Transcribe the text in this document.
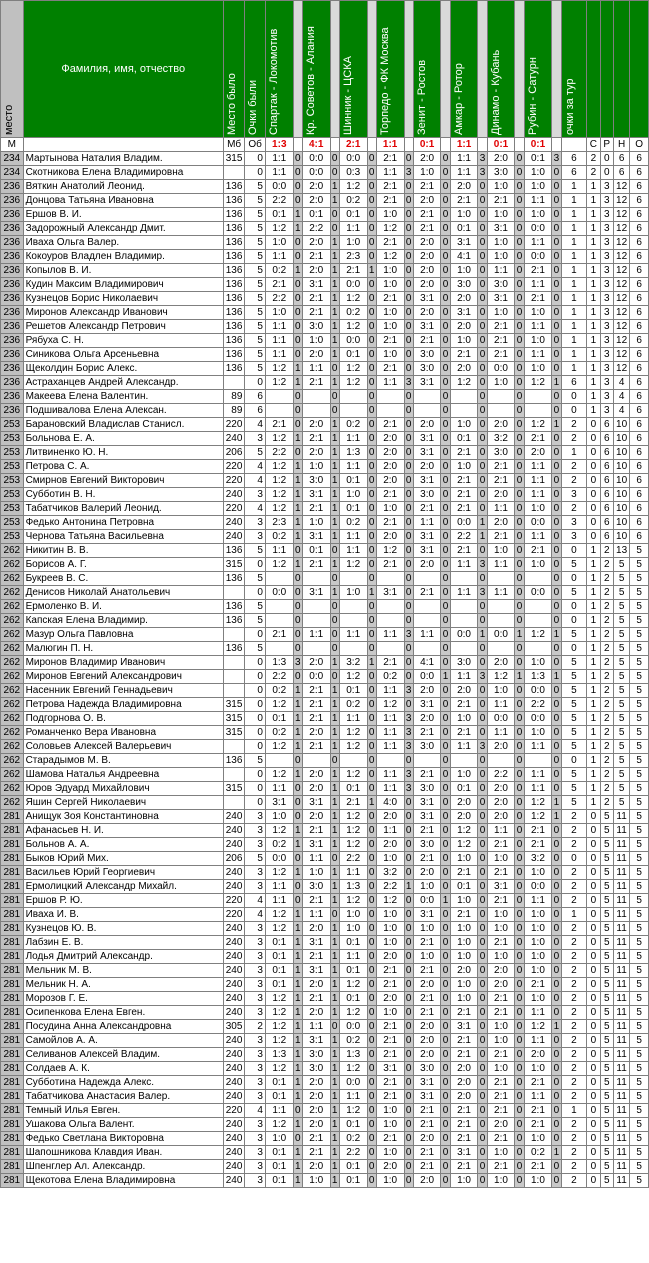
место	Фамилия, имя, отчество	Место было	Очки были	Спартак - Локомотив		Кр. Советов - Алания		Шинник - ЦСКА		Торпедо - ФК Москва		Зенит - Ростов		Амкар - Ротор		Динамо - Кубань		Рубин - Сатурн		очки за тур				

М		Мб	Об	1:3		4:1		2:1		1:1		0:1		1:1		0:1		0:1			С	Р	Н	О
234	Мартынова Наталия Владим.	315	0	1:1	0	0:0	0	0:0	0	2:1	0	2:0	0	1:1	3	2:0	0	0:1	3	6	2	0	6	6
234	Скотникова Елена Владимировна		0	1:1	0	0:0	0	0:3	0	1:1	3	1:0	0	1:1	3	3:0	0	1:0	0	6	2	0	6	6
236	Вяткин Анатолий Леонид.	136	5	0:0	0	2:0	1	1:2	0	2:1	0	2:1	0	2:0	0	1:0	0	1:0	0	1	1	3	12	6
236	Донцова Татьяна Ивановна	136	5	2:2	0	2:0	1	0:2	0	2:1	0	2:0	0	2:1	0	2:1	0	1:1	0	1	1	3	12	6
236	Ершов В. И.	136	5	0:1	1	0:1	0	0:1	0	1:0	0	2:1	0	1:0	0	1:0	0	1:0	0	1	1	3	12	6
236	Задорожный Александр Дмит.	136	5	1:2	1	2:2	0	1:1	0	1:2	0	2:1	0	0:1	0	3:1	0	0:0	0	1	1	3	12	6
236	Иваха Ольга Валер.	136	5	1:0	0	2:0	1	1:0	0	2:1	0	2:0	0	3:1	0	1:0	0	1:1	0	1	1	3	12	6
236	Кокоуров Владлен Владимир.	136	5	1:1	0	2:1	1	2:3	0	1:2	0	2:0	0	4:1	0	1:0	0	0:0	0	1	1	3	12	6
236	Копылов В. И.	136	5	0:2	1	2:0	1	2:1	1	1:0	0	2:0	0	1:0	0	1:1	0	2:1	0	1	1	3	12	6
236	Кудин Максим Владимирович	136	5	2:1	0	3:1	1	0:0	0	1:0	0	2:0	0	3:0	0	3:0	0	1:1	0	1	1	3	12	6
236	Кузнецов Борис Николаевич	136	5	2:2	0	2:1	1	1:2	0	2:1	0	3:1	0	2:0	0	3:1	0	2:1	0	1	1	3	12	6
236	Миронов Александр Иванович	136	5	1:0	0	2:1	1	0:2	0	1:0	0	2:0	0	3:1	0	1:0	0	1:0	0	1	1	3	12	6
236	Решетов Александр Петрович	136	5	1:1	0	3:0	1	1:2	0	1:0	0	3:1	0	2:0	0	2:1	0	1:1	0	1	1	3	12	6
236	Рябуха С. Н.	136	5	1:1	0	1:0	1	0:0	0	2:1	0	2:1	0	1:0	0	2:1	0	1:0	0	1	1	3	12	6
236	Синикова Ольга Арсеньевна	136	5	1:1	0	2:0	1	0:1	0	1:0	0	3:0	0	2:1	0	2:1	0	1:1	0	1	1	3	12	6
236	Щеколдин Борис Алекс.	136	5	1:2	1	1:1	0	1:2	0	2:1	0	3:0	0	2:0	0	0:0	0	1:0	0	1	1	3	12	6
236	Астраханцев Андрей Александр.		0	1:2	1	2:1	1	1:2	0	1:1	3	3:1	0	1:2	0	1:0	0	1:2	1	6	1	3	4	6
236	Макеева Елена Валентин.	89	6		0		0		0		0		0		0		0		0	0	1	3	4	6
236	Подшивалова Елена Алексан.	89	6		0		0		0		0		0		0		0		0	0	1	3	4	6
253	Барановский Владислав Станисл.	220	4	2:1	0	2:0	1	0:2	0	2:1	0	2:0	0	1:0	0	2:0	0	1:2	1	2	0	6	10	6
253	Больнова Е. А.	240	3	1:2	1	2:1	1	1:1	0	2:0	0	3:1	0	0:1	0	3:2	0	2:1	0	2	0	6	10	6
253	Литвиненко Ю. Н.	206	5	2:2	0	2:0	1	1:3	0	2:0	0	3:1	0	2:1	0	3:0	0	2:0	0	1	0	6	10	6
253	Петрова С. А.	220	4	1:2	1	1:0	1	1:1	0	2:0	0	2:0	0	1:0	0	2:1	0	1:1	0	2	0	6	10	6
253	Смирнов Евгений Викторович	220	4	1:2	1	3:0	1	0:1	0	2:0	0	3:1	0	2:1	0	2:1	0	1:1	0	2	0	6	10	6
253	Субботин В. Н.	240	3	1:2	1	3:1	1	1:0	0	2:1	0	3:0	0	2:1	0	2:0	0	1:1	0	3	0	6	10	6
253	Табатчиков Валерий Леонид.	220	4	1:2	1	2:1	1	0:1	0	1:0	0	2:1	0	2:1	0	1:1	0	1:0	0	2	0	6	10	6
253	Федько Антонина Петровна	240	3	2:3	1	1:0	1	0:2	0	2:1	0	1:1	0	0:0	1	2:0	0	0:0	0	3	0	6	10	6
253	Чернова Татьяна Васильевна	240	3	0:2	1	3:1	1	1:1	0	2:0	0	3:1	0	2:2	1	2:1	0	1:1	0	3	0	6	10	6
262	Никитин В. В.	136	5	1:1	0	0:1	0	1:1	0	1:2	0	3:1	0	2:1	0	1:0	0	2:1	0	0	1	2	13	5
262	Борисов А. Г.	315	0	1:2	1	2:1	1	1:2	0	2:1	0	2:0	0	1:1	3	1:1	0	1:0	0	5	1	2	5	5
262	Букреев В. С.	136	5		0		0		0		0		0		0		0		0	0	1	2	5	5
262	Денисов Николай Анатольевич		0	0:0	0	3:1	1	1:0	1	3:1	0	2:1	0	1:1	3	1:1	0	0:0	0	5	1	2	5	5
262	Ермоленко В. И.	136	5		0		0		0		0		0		0		0		0	0	1	2	5	5
262	Капская Елена Владимир.	136	5		0		0		0		0		0		0		0		0	0	1	2	5	5
262	Мазур Ольга Павловна		0	2:1	0	1:1	0	1:1	0	1:1	3	1:1	0	0:0	1	0:0	1	1:2	1	5	1	2	5	5
262	Малюгин П. Н.	136	5		0		0		0		0		0		0		0		0	0	1	2	5	5
262	Миронов Владимир Иванович		0	1:3	3	2:0	1	3:2	1	2:1	0	4:1	0	3:0	0	2:0	0	1:0	0	5	1	2	5	5
262	Миронов Евгений Александрович		0	2:2	0	0:0	0	1:2	0	0:2	0	0:0	1	1:1	3	1:2	1	1:3	1	5	1	2	5	5
262	Насенник Евгений Геннадьевич		0	0:2	1	2:1	1	0:1	0	1:1	3	2:0	0	2:0	0	1:0	0	0:0	0	5	1	2	5	5
262	Петрова Надежда Владимировна	315	0	1:2	1	2:1	1	0:2	0	1:2	0	3:1	0	2:1	0	1:1	0	2:2	0	5	1	2	5	5
262	Подгорнова О. В.	315	0	0:1	1	2:1	1	1:1	0	1:1	3	2:0	0	1:0	0	0:0	0	0:0	0	5	1	2	5	5
262	Романченко Вера Ивановна	315	0	0:2	1	2:0	1	1:2	0	1:1	3	2:1	0	2:1	0	1:1	0	1:0	0	5	1	2	5	5
262	Соловьев Алексей Валерьевич		0	1:2	1	2:1	1	1:2	0	1:1	3	3:0	0	1:1	3	2:0	0	1:1	0	5	1	2	5	5
262	Старадымов М. В.	136	5		0		0		0		0		0		0		0		0	0	1	2	5	5
262	Шамова Наталья Андреевна		0	1:2	1	2:0	1	1:2	0	1:1	3	2:1	0	1:0	0	2:2	0	1:1	0	5	1	2	5	5
262	Юров Эдуард Михайлович	315	0	1:1	0	2:0	1	0:1	0	1:1	3	3:0	0	0:1	0	2:0	0	1:1	0	5	1	2	5	5
262	Яшин Сергей Николаевич		0	3:1	0	3:1	1	2:1	1	4:0	0	3:1	0	2:0	0	2:0	0	1:2	1	5	1	2	5	5
281	Анищук Зоя Константиновна	240	3	1:0	0	2:0	1	1:2	0	2:0	0	3:1	0	2:0	0	2:0	0	1:2	1	2	0	5	11	5
281	Афанасьев Н. И.	240	3	1:2	1	2:1	1	1:2	0	1:1	0	2:1	0	1:2	0	1:1	0	2:1	0	2	0	5	11	5
281	Больнов А. А.	240	3	0:2	1	3:1	1	1:2	0	2:0	0	3:0	0	1:2	0	2:1	0	2:1	0	2	0	5	11	5
281	Быков Юрий Мих.	206	5	0:0	0	1:1	0	2:2	0	1:0	0	2:1	0	1:0	0	1:0	0	3:2	0	0	0	5	11	5
281	Васильев Юрий Георгиевич	240	3	1:2	1	1:0	1	1:1	0	3:2	0	2:0	0	2:1	0	2:1	0	1:0	0	2	0	5	11	5
281	Ермолицкий Александр Михайл.	240	3	1:1	0	3:0	1	1:3	0	2:2	1	1:0	0	0:1	0	3:1	0	0:0	0	2	0	5	11	5
281	Ершов Р. Ю.	220	4	1:1	0	2:1	1	1:2	0	1:2	0	0:0	1	1:0	0	2:1	0	1:1	0	2	0	5	11	5
281	Иваха И. В.	220	4	1:2	1	1:1	0	1:0	0	1:0	0	3:1	0	2:1	0	1:0	0	1:0	0	1	0	5	11	5
281	Кузнецов Ю. В.	240	3	1:2	1	2:0	1	1:0	0	1:0	0	1:0	0	1:0	0	1:0	0	1:0	0	2	0	5	11	5
281	Лабзин Е. В.	240	3	0:1	1	3:1	1	0:1	0	1:0	0	2:1	0	1:0	0	2:1	0	1:0	0	2	0	5	11	5
281	Лодья Дмитрий Александр.	240	3	0:1	1	2:1	1	1:1	0	2:0	0	1:0	0	1:0	0	1:0	0	1:0	0	2	0	5	11	5
281	Мельник М. В.	240	3	0:1	1	3:1	1	0:1	0	2:1	0	2:1	0	2:0	0	2:0	0	1:0	0	2	0	5	11	5
281	Мельник Н. А.	240	3	0:1	1	2:0	1	1:2	0	2:1	0	2:0	0	1:0	0	2:0	0	2:1	0	2	0	5	11	5
281	Морозов Г. Е.	240	3	1:2	1	2:1	1	0:1	0	2:0	0	2:1	0	1:0	0	2:1	0	1:0	0	2	0	5	11	5
281	Осипенкова Елена Евген.	240	3	1:2	1	2:0	1	1:2	0	1:0	0	2:1	0	2:1	0	2:1	0	1:1	0	2	0	5	11	5
281	Посудина Анна Александровна	305	2	1:2	1	1:1	0	0:0	0	2:1	0	2:0	0	3:1	0	1:0	0	1:2	1	2	0	5	11	5
281	Самойлов А. А.	240	3	1:2	1	3:1	1	0:2	0	2:1	0	2:0	0	2:1	0	1:0	0	1:1	0	2	0	5	11	5
281	Селиванов Алексей Владим.	240	3	1:3	1	3:0	1	1:3	0	2:1	0	2:0	0	2:1	0	2:1	0	2:0	0	2	0	5	11	5
281	Солдаев А. К.	240	3	1:2	1	3:0	1	1:2	0	3:1	0	3:0	0	2:0	0	1:0	0	1:0	0	2	0	5	11	5
281	Субботина Надежда Алекс.	240	3	0:1	1	2:0	1	0:0	0	2:1	0	3:1	0	2:0	0	2:1	0	2:1	0	2	0	5	11	5
281	Табатчикова Анастасия Валер.	240	3	0:1	1	2:0	1	1:1	0	2:1	0	3:1	0	2:0	0	2:1	0	1:1	0	2	0	5	11	5
281	Темный Илья Евген.	220	4	1:1	0	2:0	1	1:2	0	1:0	0	2:1	0	2:1	0	2:1	0	2:1	0	1	0	5	11	5
281	Ушакова Ольга Валент.	240	3	1:2	1	2:0	1	0:1	0	1:0	0	2:1	0	2:1	0	2:0	0	2:1	0	2	0	5	11	5
281	Федько Светлана Викторовна	240	3	1:0	0	2:1	1	0:2	0	2:1	0	2:0	0	2:1	0	2:1	0	1:0	0	2	0	5	11	5
281	Шапошникова Клавдия Иван.	240	3	0:1	1	2:1	1	2:2	0	1:0	0	2:1	0	3:1	0	1:0	0	0:2	1	2	0	5	11	5
281	Шпенглер Ал. Александр.	240	3	0:1	1	2:0	1	0:1	0	2:0	0	2:1	0	2:1	0	2:1	0	2:1	0	2	0	5	11	5
281	Щекотова Елена Владимировна	240	3	0:1	1	1:0	1	0:1	0	1:0	0	2:0	0	1:0	0	1:0	0	1:0	0	2	0	5	11	5
